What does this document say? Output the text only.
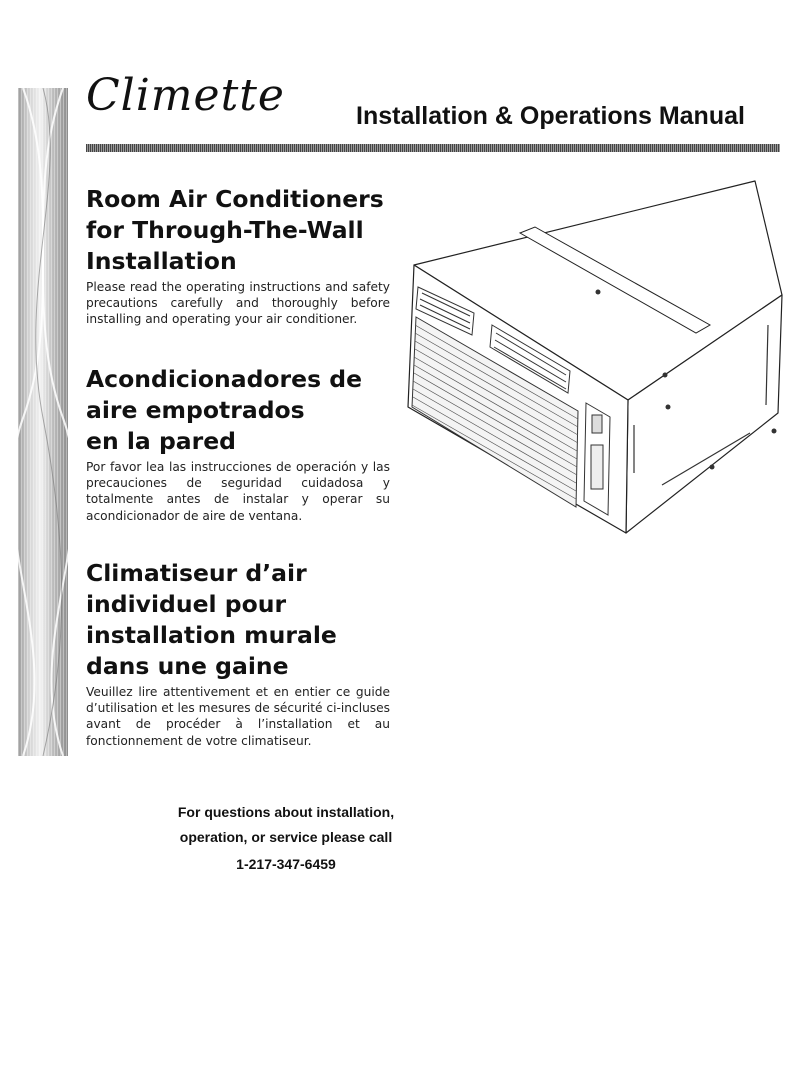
Climette	Installation & Operations Manual
Room Air Conditioners
for Through-The-Wall
Installation

Please read the operating instructions and safety precautions carefully and thoroughly before installing and operating your air conditioner.

Acondicionadores de
aire empotrados
en la pared

Por favor lea las instrucciones de operación y las precauciones de seguridad cuidadosa y totalmente antes de instalar y operar su acondicionador de aire de ventana.

Climatiseur d’air
individuel pour
installation murale
dans une gaine

Veuillez lire attentivement et en entier ce guide d’utilisation et les mesures de sécurité ci-incluses avant de procéder à l’installation et au fonctionnement de votre climatiseur.

For questions about installation,
operation, or service please call
1-217-347-6459
